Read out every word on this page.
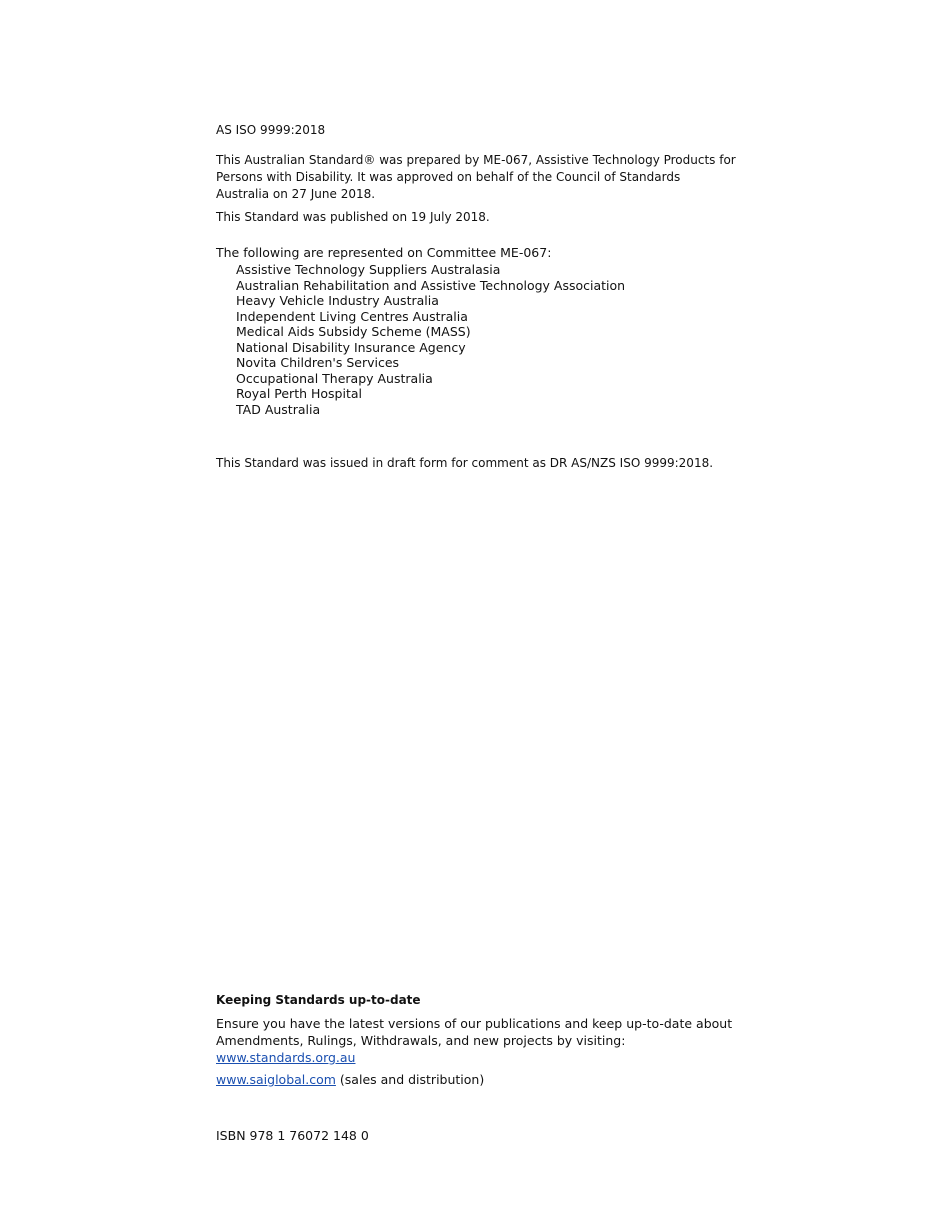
AS ISO 9999:2018
This Australian Standard® was prepared by ME-067, Assistive Technology Products for Persons with Disability. It was approved on behalf of the Council of Standards Australia on 27 June 2018.
This Standard was published on 19 July 2018.
The following are represented on Committee ME-067:
Assistive Technology Suppliers Australasia
Australian Rehabilitation and Assistive Technology Association
Heavy Vehicle Industry Australia
Independent Living Centres Australia
Medical Aids Subsidy Scheme (MASS)
National Disability Insurance Agency
Novita Children's Services
Occupational Therapy Australia
Royal Perth Hospital
TAD Australia
This Standard was issued in draft form for comment as DR AS/NZS ISO 9999:2018.
Keeping Standards up-to-date
Ensure you have the latest versions of our publications and keep up-to-date about Amendments, Rulings, Withdrawals, and new projects by visiting:
www.standards.org.au
www.saiglobal.com (sales and distribution)
ISBN 978 1 76072 148 0
